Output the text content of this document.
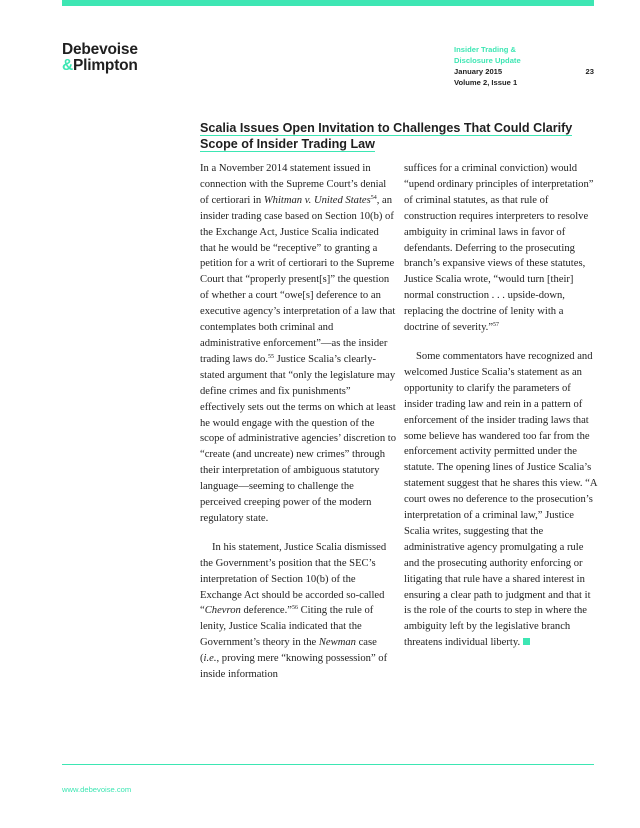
Debevoise
&Plimpton
Insider Trading &
Disclosure Update
January 2015
Volume 2, Issue 1
23
Scalia Issues Open Invitation to Challenges That Could Clarify
Scope of Insider Trading Law

In a November 2014 statement issued in connection with the Supreme Court’s denial of certiorari in Whitman v. United States$^{54}$, an insider trading case based on Section 10(b) of the Exchange Act, Justice Scalia indicated that he would be “receptive” to granting a petition for a writ of certiorari to the Supreme Court that “properly present[s]” the question of whether a court “owe[s] deference to an executive agency’s interpretation of a law that contemplates both criminal and administrative enforcement”—as the insider trading laws do.$^{55}$ Justice Scalia’s clearly-stated argument that “only the legislature may define crimes and fix punishments” effectively sets out the terms on which at least he would engage with the question of the scope of administrative agencies’ discretion to “create (and uncreate) new crimes” through their interpretation of ambiguous statutory language—seeming to challenge the perceived creeping power of the modern regulatory state.

In his statement, Justice Scalia dismissed the Government’s position that the SEC’s interpretation of Section 10(b) of the Exchange Act should be accorded so-called “Chevron deference.”$^{56}$ Citing the rule of lenity, Justice Scalia indicated that the Government’s theory in the Newman case (i.e., proving mere “knowing possession” of inside information

suffices for a criminal conviction) would “upend ordinary principles of interpretation” of criminal statutes, as that rule of construction requires interpreters to resolve ambiguity in criminal laws in favor of defendants. Deferring to the prosecuting branch’s expansive views of these statutes, Justice Scalia wrote, “would turn [their] normal construction . . . upside-down, replacing the doctrine of lenity with a doctrine of severity.”$^{57}$

Some commentators have recognized and welcomed Justice Scalia’s statement as an opportunity to clarify the parameters of insider trading law and rein in a pattern of enforcement of the insider trading laws that some believe has wandered too far from the enforcement activity permitted under the statute. The opening lines of Justice Scalia’s statement suggest that he shares this view. “A court owes no deference to the prosecution’s interpretation of a criminal law,” Justice Scalia writes, suggesting that the administrative agency promulgating a rule and the prosecuting authority enforcing or litigating that rule have a shared interest in ensuring a clear path to judgment and that it is the role of the courts to step in where the ambiguity left by the legislative branch threatens individual liberty.

www.debevoise.com
